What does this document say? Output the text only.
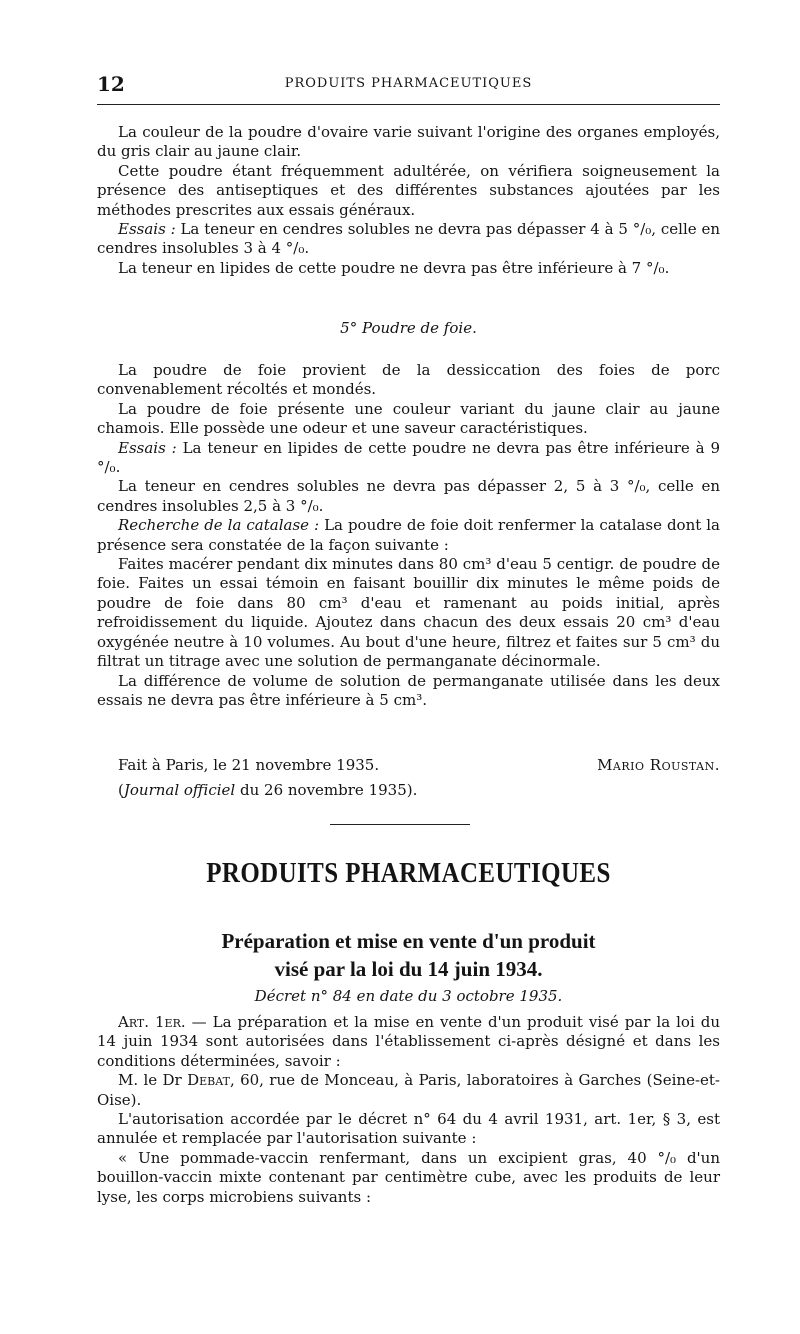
12	PRODUITS PHARMACEUTIQUES

La couleur de la poudre d'ovaire varie suivant l'origine des organes employés, du gris clair au jaune clair.

Cette poudre étant fréquemment adultérée, on vérifiera soigneusement la présence des antiseptiques et des différentes substances ajoutées par les méthodes prescrites aux essais généraux.

Essais : La teneur en cendres solubles ne devra pas dépasser 4 à 5 °/₀, celle en cendres insolubles 3 à 4 °/₀.

La teneur en lipides de cette poudre ne devra pas être inférieure à 7 °/₀.

5° Poudre de foie.

La poudre de foie provient de la dessiccation des foies de porc convenablement récoltés et mondés.

La poudre de foie présente une couleur variant du jaune clair au jaune chamois. Elle possède une odeur et une saveur caractéristiques.

Essais : La teneur en lipides de cette poudre ne devra pas être inférieure à 9 °/₀.

La teneur en cendres solubles ne devra pas dépasser 2, 5 à 3 °/₀, celle en cendres insolubles 2,5 à 3 °/₀.

Recherche de la catalase : La poudre de foie doit renfermer la catalase dont la présence sera constatée de la façon suivante :

Faites macérer pendant dix minutes dans 80 cm³ d'eau 5 centigr. de poudre de foie. Faites un essai témoin en faisant bouillir dix minutes le même poids de poudre de foie dans 80 cm³ d'eau et ramenant au poids initial, après refroidissement du liquide. Ajoutez dans chacun des deux essais 20 cm³ d'eau oxygénée neutre à 10 volumes. Au bout d'une heure, filtrez et faites sur 5 cm³ du filtrat un titrage avec une solution de permanganate décinormale.

La différence de volume de solution de permanganate utilisée dans les deux essais ne devra pas être inférieure à 5 cm³.

Fait à Paris, le 21 novembre 1935.	Mario Roustan.
(Journal officiel du 26 novembre 1935).
PRODUITS PHARMACEUTIQUES
Préparation et mise en vente d'un produit
visé par la loi du 14 juin 1934.
Décret n° 84 en date du 3 octobre 1935.

Art. 1er. — La préparation et la mise en vente d'un produit visé par la loi du 14 juin 1934 sont autorisées dans l'établissement ci-après désigné et dans les conditions déterminées, savoir :

M. le Dr Debat, 60, rue de Monceau, à Paris, laboratoires à Garches (Seine-et-Oise).

L'autorisation accordée par le décret n° 64 du 4 avril 1931, art. 1er, § 3, est annulée et remplacée par l'autorisation suivante :

« Une pommade-vaccin renfermant, dans un excipient gras, 40 °/₀ d'un bouillon-vaccin mixte contenant par centimètre cube, avec les produits de leur lyse, les corps microbiens suivants :
